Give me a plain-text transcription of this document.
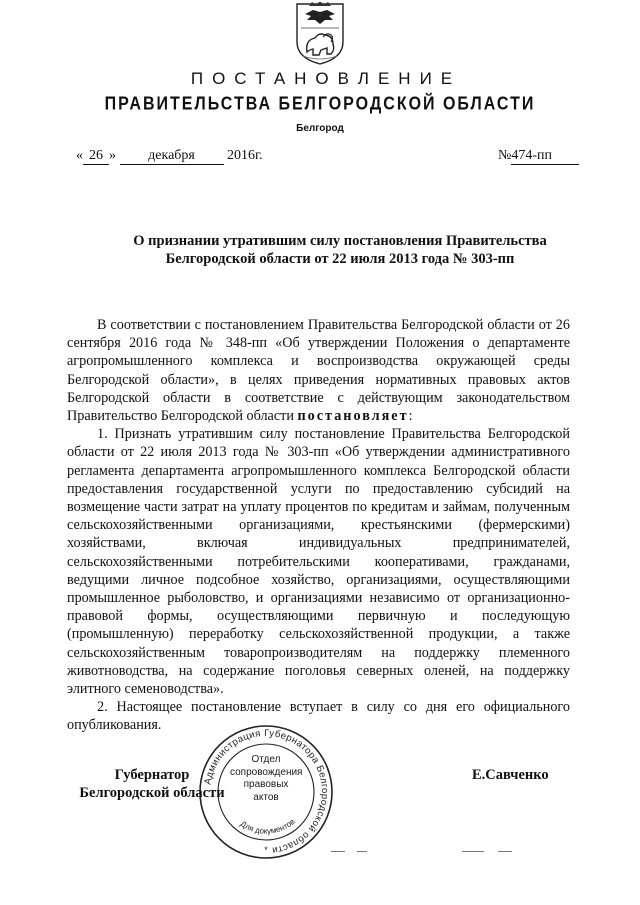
ПОСТАНОВЛЕНИЕ
ПРАВИТЕЛЬСТВА БЕЛГОРОДСКОЙ ОБЛАСТИ
Белгород
« 26 » декабря 2016г.	№474-пп
О признании утратившим силу постановления Правительства
Белгородской области от 22 июля 2013 года № 303-пп

В соответствии с постановлением Правительства Белгородской области от 26 сентября 2016 года № 348-пп «Об утверждении Положения о департаменте агропромышленного комплекса и воспроизводства окружающей среды Белгородской области», в целях приведения нормативных правовых актов Белгородской области в соответствие с действующим законодательством Правительство Белгородской области постановляет:

1. Признать утратившим силу постановление Правительства Белгородской области от 22 июля 2013 года № 303-пп «Об утверждении административного регламента департамента агропромышленного комплекса Белгородской области предоставления государственной услуги по предоставлению субсидий на возмещение части затрат на уплату процентов по кредитам и займам, полученным сельскохозяйственными организациями, крестьянскими (фермерскими) хозяйствами, включая индивидуальных предпринимателей, сельскохозяйственными потребительскими кооперативами, гражданами, ведущими личное подсобное хозяйство, организациями, осуществляющими промышленное рыболовство, и организациями независимо от организационно-правовой формы, осуществляющими первичную и последующую (промышленную) переработку сельскохозяйственной продукции, а также сельскохозяйственным товаропроизводителям на поддержку племенного животноводства, на содержание поголовья северных оленей, на поддержку элитного семеноводства».

2. Настоящее постановление вступает в силу со дня его официального опубликования.

Администрация Губернатора Белгородской области
Для документов
*
Отдел
сопровождения
правовых
актов
Губернатор
Белгородской области
Е.Савченко
